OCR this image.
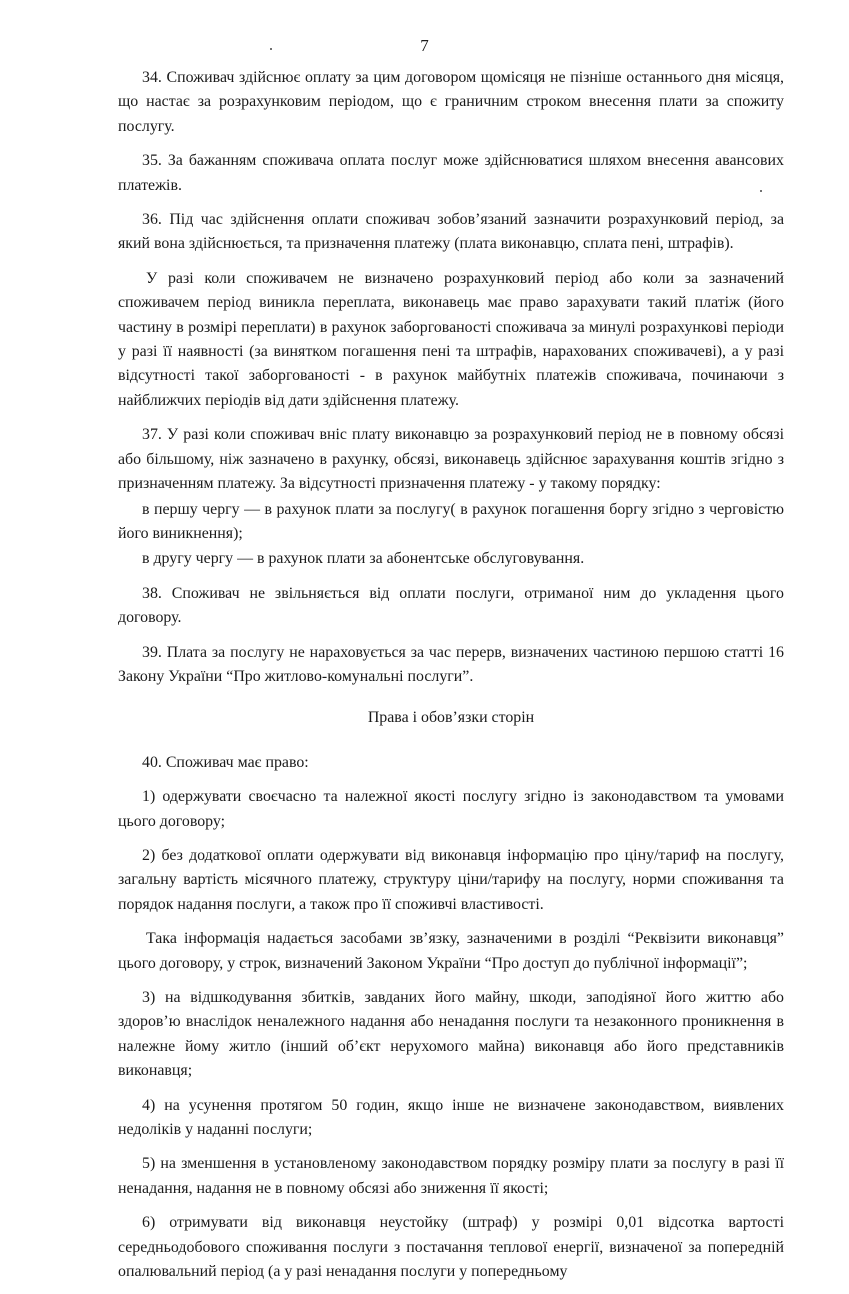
7

34. Споживач здійснює оплату за цим договором щомісяця не пізніше останнього дня місяця, що настає за розрахунковим періодом, що є граничним строком внесення плати за спожиту послугу.

35. За бажанням споживача оплата послуг може здійснюватися шляхом внесення авансових платежів.

36. Під час здійснення оплати споживач зобов’язаний зазначити розрахунковий період, за який вона здійснюється, та призначення платежу (плата виконавцю, сплата пені, штрафів).

У разі коли споживачем не визначено розрахунковий період або коли за зазначений споживачем період виникла переплата, виконавець має право зарахувати такий платіж (його частину в розмірі переплати) в рахунок заборгованості споживача за минулі розрахункові періоди у разі її наявності (за винятком погашення пені та штрафів, нарахованих споживачеві), а у разі відсутності такої заборгованості - в рахунок майбутніх платежів споживача, починаючи з найближчих періодів від дати здійснення платежу.

37. У разі коли споживач вніс плату виконавцю за розрахунковий період не в повному обсязі або більшому, ніж зазначено в рахунку, обсязі, виконавець здійснює зарахування коштів згідно з призначенням платежу. За відсутності призначення платежу - у такому порядку:

в першу чергу — в рахунок плати за послугу( в рахунок погашення боргу згідно з черговістю його виникнення);

в другу чергу — в рахунок плати за абонентське обслуговування.

38. Споживач не звільняється від оплати послуги, отриманої ним до укладення цього договору.

39. Плата за послугу не нараховується за час перерв, визначених частиною першою статті 16 Закону України “Про житлово-комунальні послуги”.

Права і обов’язки сторін

40. Споживач має право:

1) одержувати своєчасно та належної якості послугу згідно із законодавством та умовами цього договору;

2) без додаткової оплати одержувати від виконавця інформацію про ціну/тариф на послугу, загальну вартість місячного платежу, структуру ціни/тарифу на послугу, норми споживання та порядок надання послуги, а також про її споживчі властивості.

Така інформація надається засобами зв’язку, зазначеними в розділі “Реквізити виконавця” цього договору, у строк, визначений Законом України “Про доступ до публічної інформації”;

3) на відшкодування збитків, завданих його майну, шкоди, заподіяної його життю або здоров’ю внаслідок неналежного надання або ненадання послуги та незаконного проникнення в належне йому житло (інший об’єкт нерухомого майна) виконавця або його представників виконавця;

4) на усунення протягом 50 годин, якщо інше не визначене законодавством, виявлених недоліків у наданні послуги;

5) на зменшення в установленому законодавством порядку розміру плати за послугу в разі її ненадання, надання не в повному обсязі або зниження її якості;

6) отримувати від виконавця неустойку (штраф) у розмірі 0,01 відсотка вартості середньодобового споживання послуги з постачання теплової енергії, визначеної за попередній опалювальний період (а у разі ненадання послуги у попередньому
